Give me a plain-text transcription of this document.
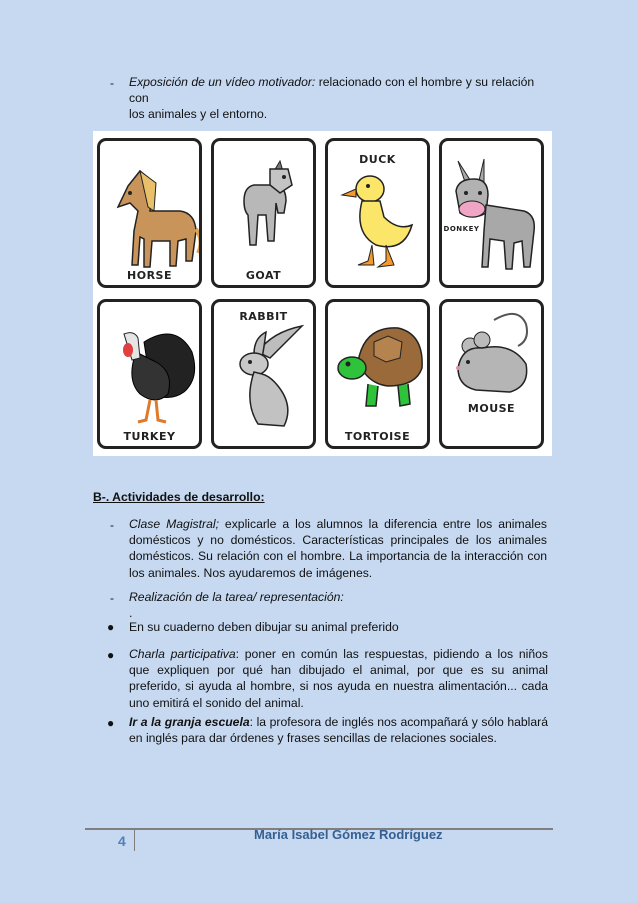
- Exposición de un vídeo motivador: relacionado con el hombre y su relación con
los animales y el entorno.
HORSE	GOAT
DUCK
DONKEY
TURKEY
RABBIT
TORTOISE
MOUSE
B-. Actividades de desarrollo:
- Clase Magistral; explicarle a los alumnos la diferencia entre los animales domésticos y no domésticos. Características principales de los animales domésticos. Su relación con el hombre. La importancia de la interacción con los animales. Nos ayudaremos de imágenes.
- Realización de la tarea/ representación:
.
● En su cuaderno deben dibujar su animal preferido
● Charla participativa: poner en común las respuestas, pidiendo a los niños que expliquen por qué han dibujado el animal, por que es su animal preferido, si ayuda al hombre, si nos ayuda en nuestra alimentación... cada uno emitirá el sonido del animal.
● Ir a la granja escuela: la profesora de inglés nos acompañará y sólo hablará en inglés para dar órdenes y frases sencillas de relaciones sociales.
4	María Isabel Gómez Rodríguez
